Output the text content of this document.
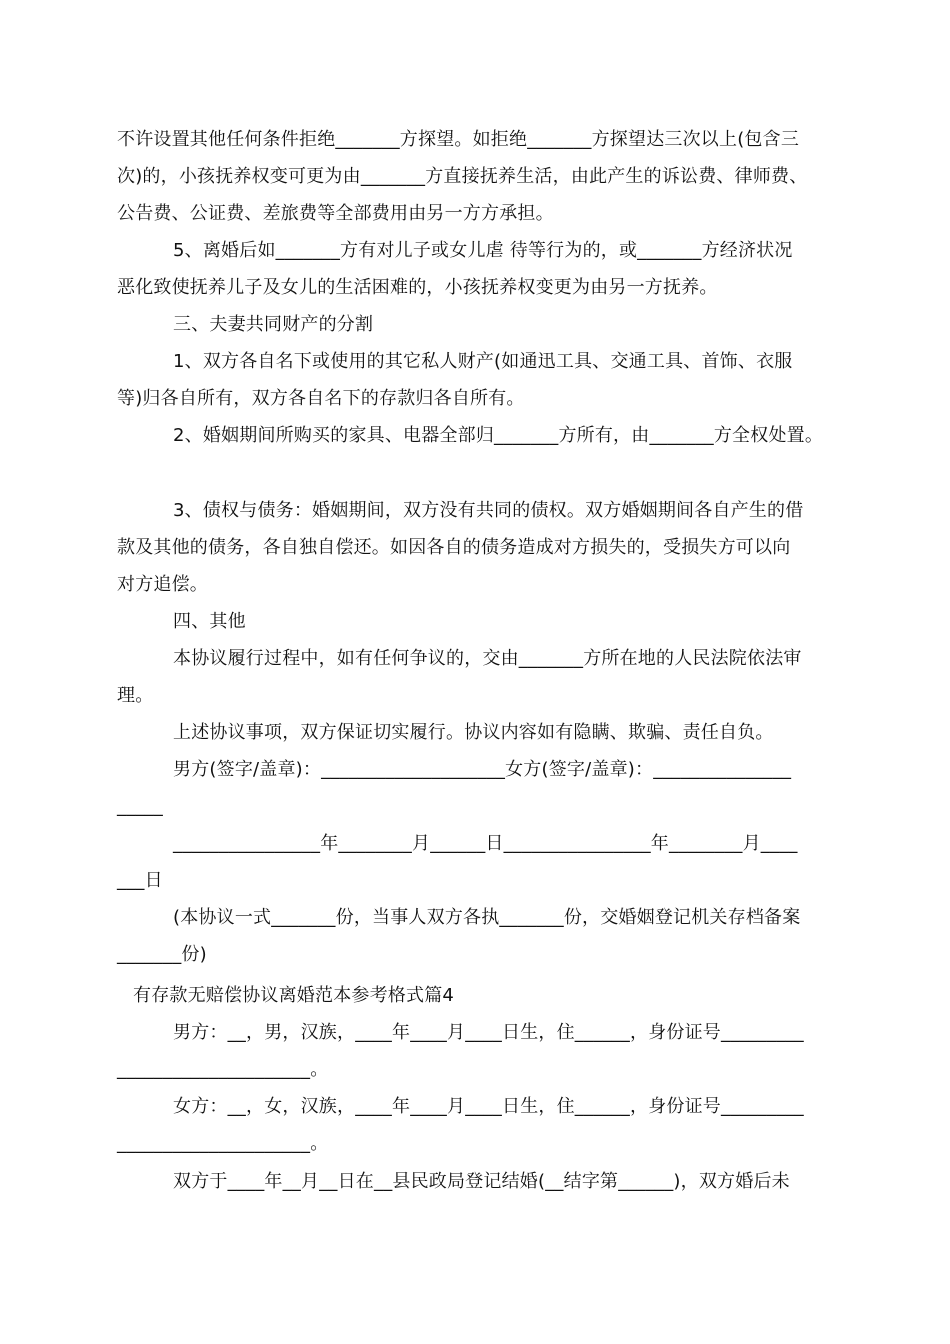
不许设置其他任何条件拒绝_______方探望。如拒绝_______方探望达三次以上(包含三
次)的，小孩抚养权变可更为由_______方直接抚养生活，由此产生的诉讼费、律师费、
公告费、公证费、差旅费等全部费用由另一方方承担。
5、离婚后如_______方有对儿子或女儿虐 待等行为的，或_______方经济状况
恶化致使抚养儿子及女儿的生活困难的，小孩抚养权变更为由另一方抚养。
三、夫妻共同财产的分割
1、双方各自名下或使用的其它私人财产(如通迅工具、交通工具、首饰、衣服
等)归各自所有，双方各自名下的存款归各自所有。
2、婚姻期间所购买的家具、电器全部归_______方所有，由_______方全权处置。
3、债权与债务：婚姻期间，双方没有共同的债权。双方婚姻期间各自产生的借
款及其他的债务，各自独自偿还。如因各自的债务造成对方损失的，受损失方可以向
对方追偿。
四、其他
本协议履行过程中，如有任何争议的，交由_______方所在地的人民法院依法审
理。
上述协议事项，双方保证切实履行。协议内容如有隐瞒、欺骗、责任自负。
男方(签字/盖章)：____________________女方(签字/盖章)：_______________
_____
________________年________月______日________________年________月____
___日
(本协议一式_______份，当事人双方各执_______份，交婚姻登记机关存档备案
_______份)
有存款无赔偿协议离婚范本参考格式篇4
男方：__，男，汉族，____年____月____日生，住______，身份证号_________
_____________________。
女方：__，女，汉族，____年____月____日生，住______，身份证号_________
_____________________。
双方于____年__月__日在__县民政局登记结婚(__结字第______)，双方婚后未
